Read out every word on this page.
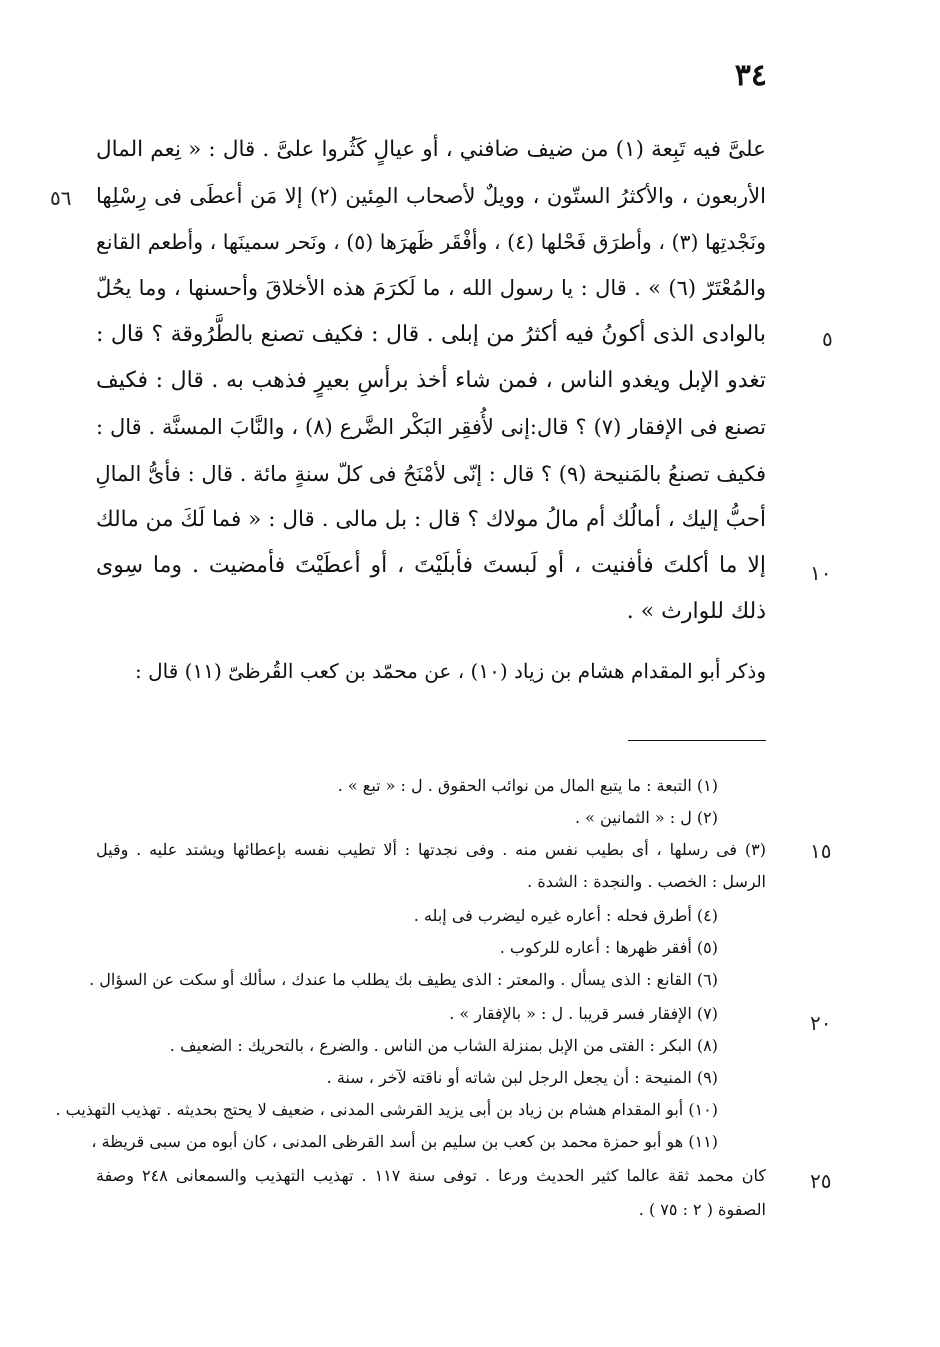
٣٤
٥٦
٥
١٠
١٥
٢٠
٢٥
علىَّ فيه تَبِعة (١) من ضيف ضافني ، أو عيالٍ كَثُروا علىَّ . قال : « نِعم المال
الأربعون ، والأكثرُ الستّون ، وويلٌ لأصحاب المِئين (٢) إلا مَن أعطَى فى رِسْلِها
ونَجْدتِها (٣) ، وأطرَق فَحْلها (٤) ، وأفْقَر ظَهرَها (٥) ، ونَحر سمينَها ، وأطعم القانع
والمُعْتَرّ (٦) » . قال : يا رسول الله ، ما لَكرَمَ هذه الأخلاقَ وأحسنها ، وما يحُلّ
بالوادى الذى أكونُ فيه أكثرُ من إبلى . قال : فكيف تصنع بالطَّرُوقة ؟ قال :
تغدو الإبل ويغدو الناس ، فمن شاء أخذ برأسِ بعيرٍ فذهب به . قال : فكيف
تصنع فى الإفقار (٧) ؟ قال:إنى لأُفقِر البَكْر الضَّرع (٨) ، والنَّابَ المسنَّة . قال :
فكيف تصنعُ بالمَنيحة (٩) ؟ قال : إنّى لأمْنَحُ فى كلّ سنةٍ مائة . قال : فأىُّ المالِ
أحبُّ إليك ، أمالُك أم مالُ مولاك ؟ قال : بل مالى . قال : « فما لَكَ من مالك
إلا ما أكلتَ فأفنيت ، أو لَبستَ فأبلَيْتَ ، أو أعطَيْتَ فأمضيت . وما سِوى
ذلك للوارث » .
وذكر أبو المقدام هشام بن زياد (١٠) ، عن محمّد بن كعب القُرظىّ (١١) قال :
(١) التبعة : ما يتبع المال من نوائب الحقوق . ل : « تبع » .
(٢) ل : « الثمانين » .
(٣) فى رسلها ، أى بطيب نفس منه . وفى نجدتها : ألا تطيب نفسه بإعطائها ويشتد عليه . وقيل
الرسل : الخصب . والنجدة : الشدة .
(٤) أطرق فحله : أعاره غيره ليضرب فى إبله .
(٥) أفقر ظهرها : أعاره للركوب .
(٦) القانع : الذى يسأل . والمعتر : الذى يطيف بك يطلب ما عندك ، سألك أو سكت عن السؤال .
(٧) الإفقار فسر قريبا . ل : « بالإفقار » .
(٨) البكر : الفتى من الإبل بمنزلة الشاب من الناس . والضرع ، بالتحريك : الضعيف .
(٩) المنيحة : أن يجعل الرجل لبن شاته أو ناقته لآخر ، سنة .
(١٠) أبو المقدام هشام بن زياد بن أبى يزيد القرشى المدنى ، ضعيف لا يحتج بحديثه . تهذيب التهذيب .
(١١) هو أبو حمزة محمد بن كعب بن سليم بن أسد القرظى المدنى ، كان أبوه من سبى قريظة ،
كان محمد ثقة عالما كثير الحديث ورعا . توفى سنة ١١٧ . تهذيب التهذيب والسمعانى ٢٤٨ وصفة
الصفوة ( ٢ : ٧٥ ) .
